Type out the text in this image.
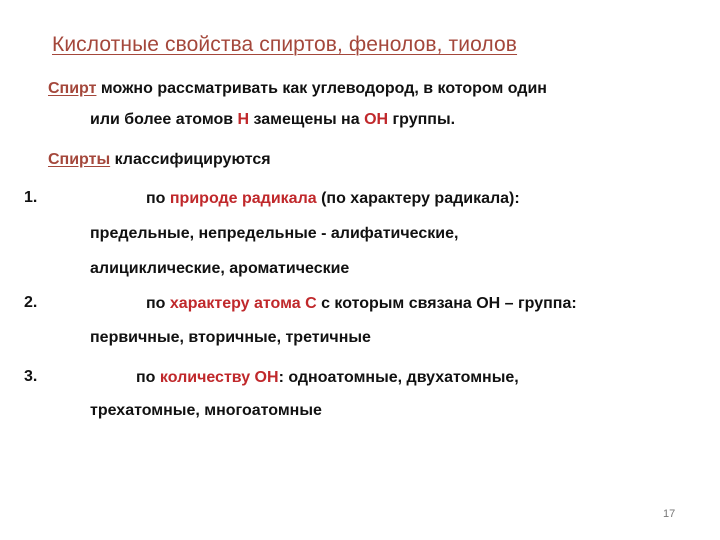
Кислотные свойства спиртов, фенолов, тиолов
Спирт можно рассматривать как углеводород, в котором один
или более атомов Н замещены на ОН группы.
Спирты классифицируются
1.	по природе радикала (по характеру радикала):
предельные, непредельные - алифатические,
алициклические, ароматические
2.	по характеру атома С с которым связана ОН – группа:
первичные, вторичные, третичные
3.	по количеству ОН: одноатомные, двухатомные,
трехатомные, многоатомные
17
